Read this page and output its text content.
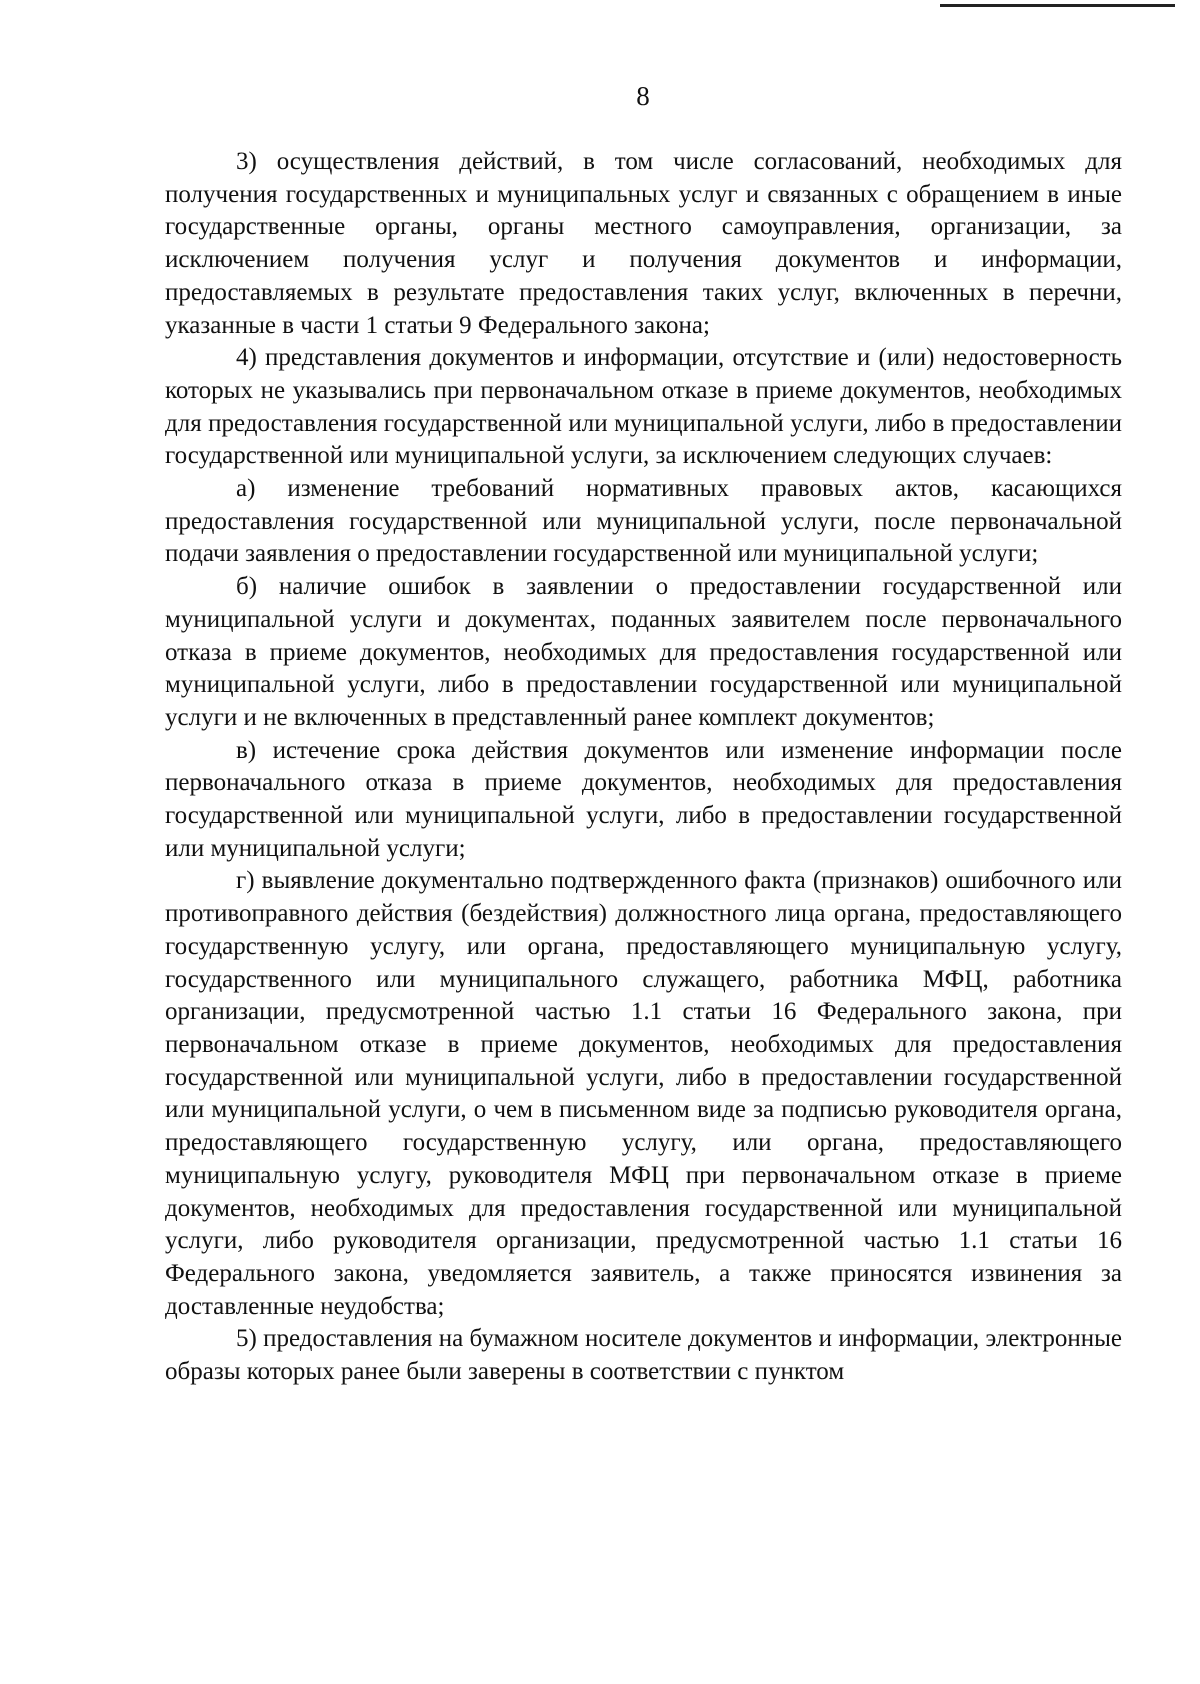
8

3) осуществления действий, в том числе согласований, необходимых для получения государственных и муниципальных услуг и связанных с обращением в иные государственные органы, органы местного самоуправления, организации, за исключением получения услуг и получения документов и информации, предоставляемых в результате предоставления таких услуг, включенных в перечни, указанные в части 1 статьи 9 Федерального закона;

4) представления документов и информации, отсутствие и (или) недостоверность которых не указывались при первоначальном отказе в приеме документов, необходимых для предоставления государственной или муниципальной услуги, либо в предоставлении государственной или муниципальной услуги, за исключением следующих случаев:

а) изменение требований нормативных правовых актов, касающихся предоставления государственной или муниципальной услуги, после первоначальной подачи заявления о предоставлении государственной или муниципальной услуги;

б) наличие ошибок в заявлении о предоставлении государственной или муниципальной услуги и документах, поданных заявителем после первоначального отказа в приеме документов, необходимых для предоставления государственной или муниципальной услуги, либо в предоставлении государственной или муниципальной услуги и не включенных в представленный ранее комплект документов;

в) истечение срока действия документов или изменение информации после первоначального отказа в приеме документов, необходимых для предоставления государственной или муниципальной услуги, либо в предоставлении государственной или муниципальной услуги;

г) выявление документально подтвержденного факта (признаков) ошибочного или противоправного действия (бездействия) должностного лица органа, предоставляющего государственную услугу, или органа, предоставляющего муниципальную услугу, государственного или муниципального служащего, работника МФЦ, работника организации, предусмотренной частью 1.1 статьи 16 Федерального закона, при первоначальном отказе в приеме документов, необходимых для предоставления государственной или муниципальной услуги, либо в предоставлении государственной или муниципальной услуги, о чем в письменном виде за подписью руководителя органа, предоставляющего государственную услугу, или органа, предоставляющего муниципальную услугу, руководителя МФЦ при первоначальном отказе в приеме документов, необходимых для предоставления государственной или муниципальной услуги, либо руководителя организации, предусмотренной частью 1.1 статьи 16 Федерального закона, уведомляется заявитель, а также приносятся извинения за доставленные неудобства;

5) предоставления на бумажном носителе документов и информации, электронные образы которых ранее были заверены в соответствии с пунктом
